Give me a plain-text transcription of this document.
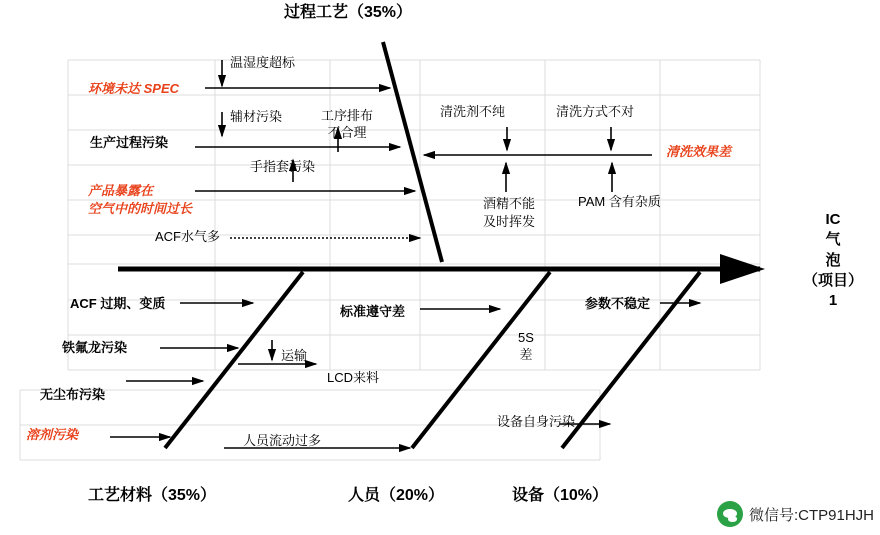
过程工艺（35%）
工艺材料（35%）	人员（20%）	设备（10%）
IC
气
泡
（项目）
1
温湿度超标
环境未达 SPEC
辅材污染	工序排布
不合理
生产过程污染
手指套污染
产品暴露在
空气中的时间过长
ACF水气多
清洗剂不纯	清洗方式不对
清洗效果差
酒精不能
及时挥发
PAM 含有杂质
ACF 过期、变质
铁氟龙污染
运输
无尘布污染
溶剂污染
标准遵守差
5S
差
LCD来料
人员流动过多
参数不稳定
设备自身污染
微信号:CTP91HJH
